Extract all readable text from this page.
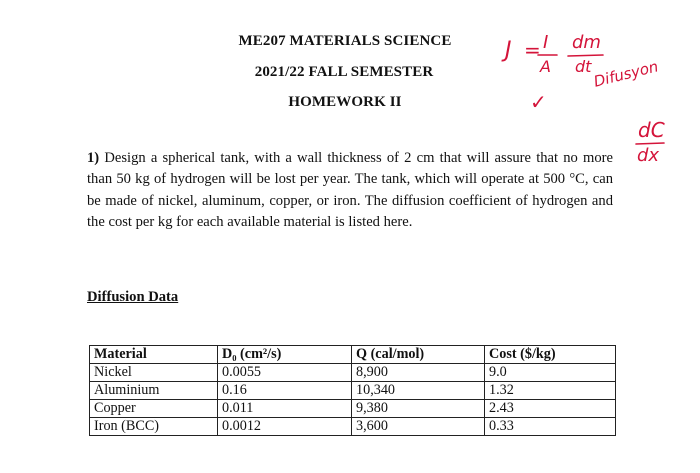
ME207 MATERIALS SCIENCE
2021/22 FALL SEMESTER
HOMEWORK II
1) Design a spherical tank, with a wall thickness of 2 cm that will assure that no more than 50 kg of hydrogen will be lost per year. The tank, which will operate at 500 °C, can be made of nickel, aluminum, copper, or iron. The diffusion coefficient of hydrogen and the cost per kg for each available material is listed here.
Diffusion Data
Material	D₀ (cm²/s)	Q (cal/mol)	Cost ($/kg)
Nickel	0.0055	8,900	9.0
Aluminium	0.16	10,340	1.32
Copper	0.011	9,380	2.43
Iron (BCC)	0.0012	3,600	0.33
J = I
A
dm
dt
✓
Difusyon
dC
dx
